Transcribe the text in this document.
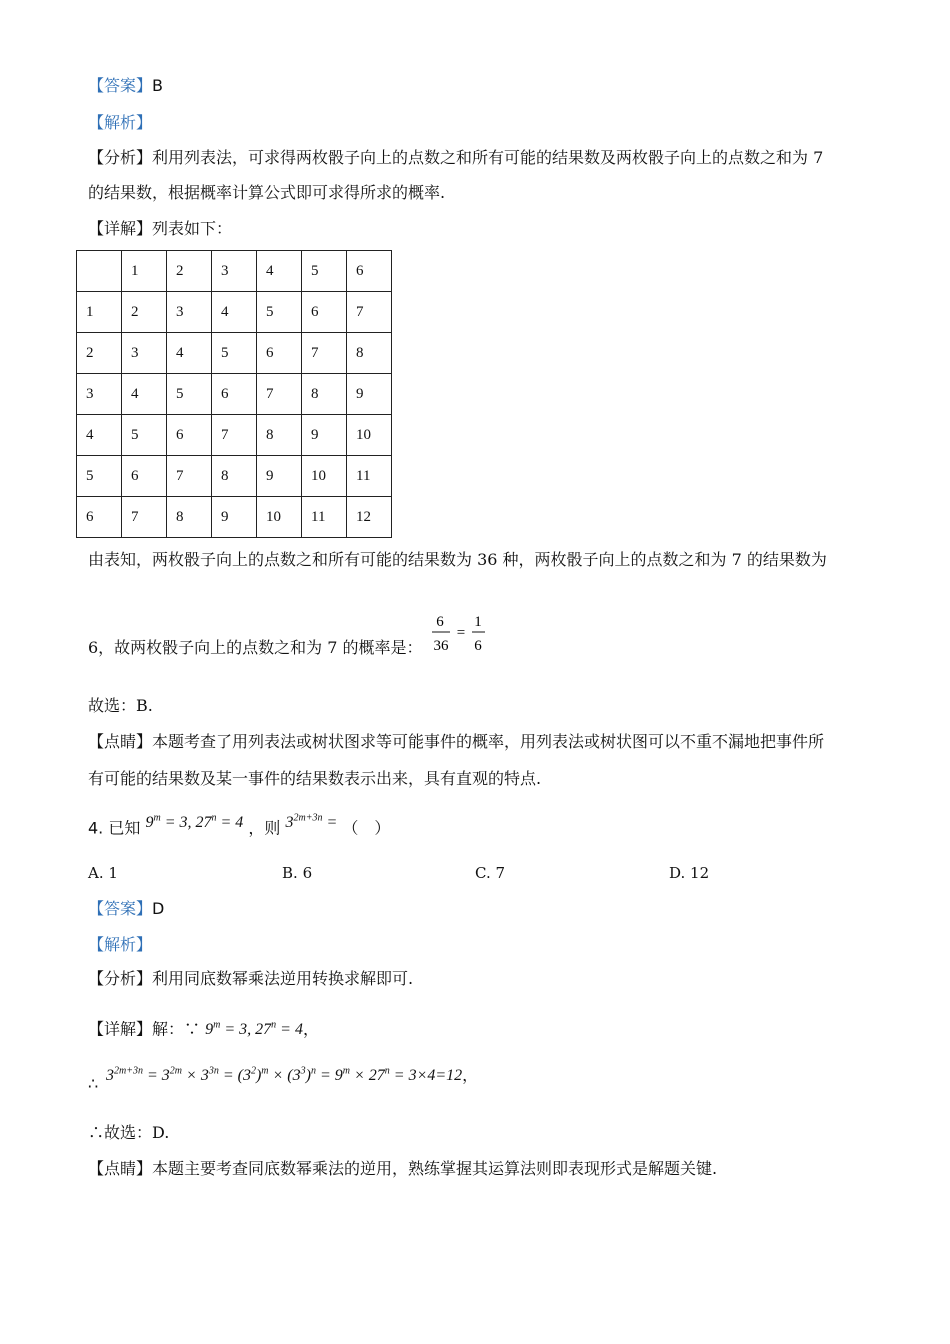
【答案】B
【解析】
【分析】利用列表法，可求得两枚骰子向上的点数之和所有可能的结果数及两枚骰子向上的点数之和为 7
的结果数，根据概率计算公式即可求得所求的概率.
【详解】列表如下：
	1	2	3	4	5	6
1	2	3	4	5	6	7
2	3	4	5	6	7	8
3	4	5	6	7	8	9
4	5	6	7	8	9	10
5	6	7	8	9	10	11
6	7	8	9	10	11	12
由表知，两枚骰子向上的点数之和所有可能的结果数为 36 种，两枚骰子向上的点数之和为 7 的结果数为
6，故两枚骰子向上的点数之和为 7 的概率是：
6
36
=
1
6
故选：B.
【点睛】本题考查了用列表法或树状图求等可能事件的概率，用列表法或树状图可以不重不漏地把事件所
有可能的结果数及某一事件的结果数表示出来，具有直观的特点.
4. 已知 $9^m = 3$, $27^n = 4$ ，则 $3^{2m+3n}$ = （　）
A. 1	B. 6	C. 7	D. 12
【答案】D
【解析】
【分析】利用同底数幂乘法逆用转换求解即可.
【详解】解：∵ $9^m = 3$, $27^n = 4$，
∴ $3^{2m+3n} = 3^{2m} \times 3^{3n} = (3^2)^m \times (3^3)^n = 9^m \times 27^n = 3\times 4=12$，
∴故选：D.
【点睛】本题主要考查同底数幂乘法的逆用，熟练掌握其运算法则即表现形式是解题关键.
